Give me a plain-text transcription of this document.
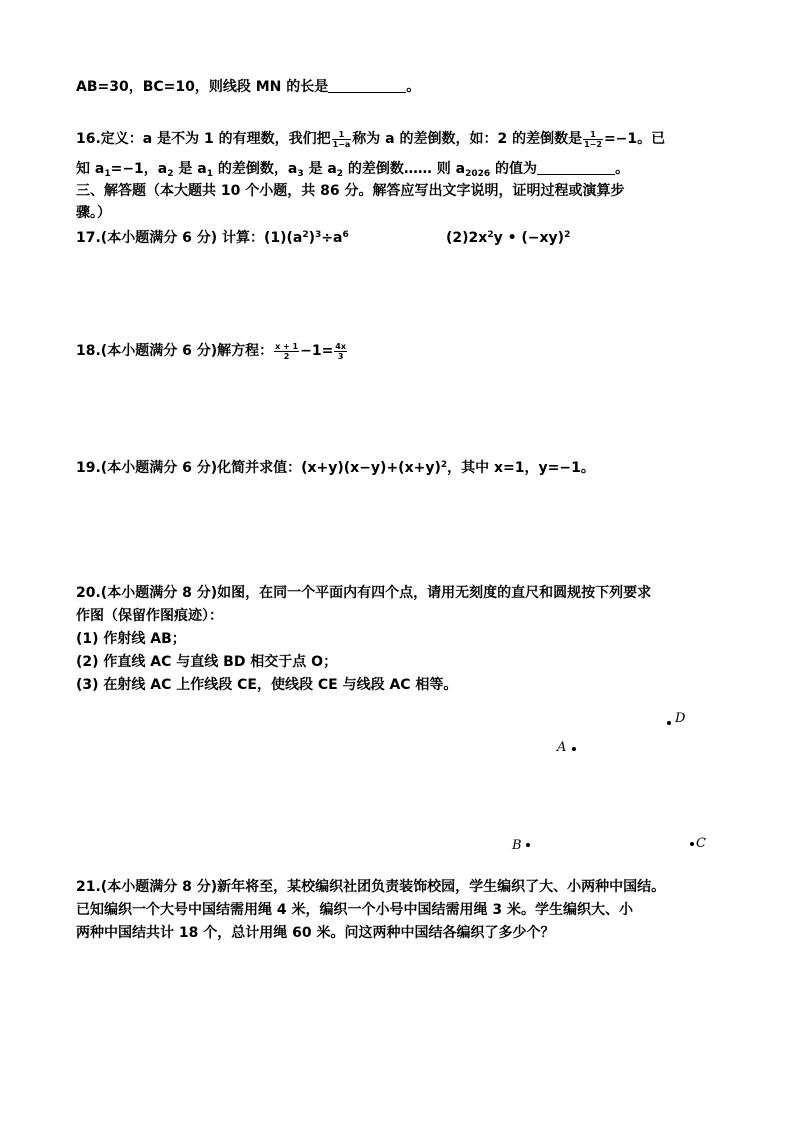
AB=30，BC=10，则线段 MN 的长是	。
16.定义：a 是不为 1 的有理数，我们把 $\frac{1}{1-a}$ 称为 a 的差倒数，如：2 的差倒数是 $\frac{1}{1-2} =-1$。已
知 $a_1=-1$，$a_2$ 是 $a_1$ 的差倒数，$a_3$ 是 $a_2$ 的差倒数…… 则 $a_{2026}$ 的值为	。
三、解答题（本大题共 10 个小题，共 86 分。解答应写出文字说明，证明过程或演算步
骤。）
17.(本小题满分 6 分) 计算：$(1)(a^2)^3\div a^6$	$(2)2x^2y$ • $(-xy)^2$
18.(本小题满分 6 分)解方程： $\frac{x + 1}{2} -1= \frac{4x}{3}$
19.(本小题满分 6 分)化简并求值：$(x+y)(x-y)+(x+y)^2$，其中 x=1，y=−1。
20.(本小题满分 8 分)如图，在同一个平面内有四个点，请用无刻度的直尺和圆规按下列要求
作图（保留作图痕迹）：
(1) 作射线 AB；
(2) 作直线 AC 与直线 BD 相交于点 O；
(3) 在射线 AC 上作线段 CE，使线段 CE 与线段 AC 相等。
D
A
B	C
21.(本小题满分 8 分)新年将至，某校编织社团负责装饰校园，学生编织了大、小两种中国结。
已知编织一个大号中国结需用绳 4 米，编织一个小号中国结需用绳 3 米。学生编织大、小
两种中国结共计 18 个，总计用绳 60 米。问这两种中国结各编织了多少个？
